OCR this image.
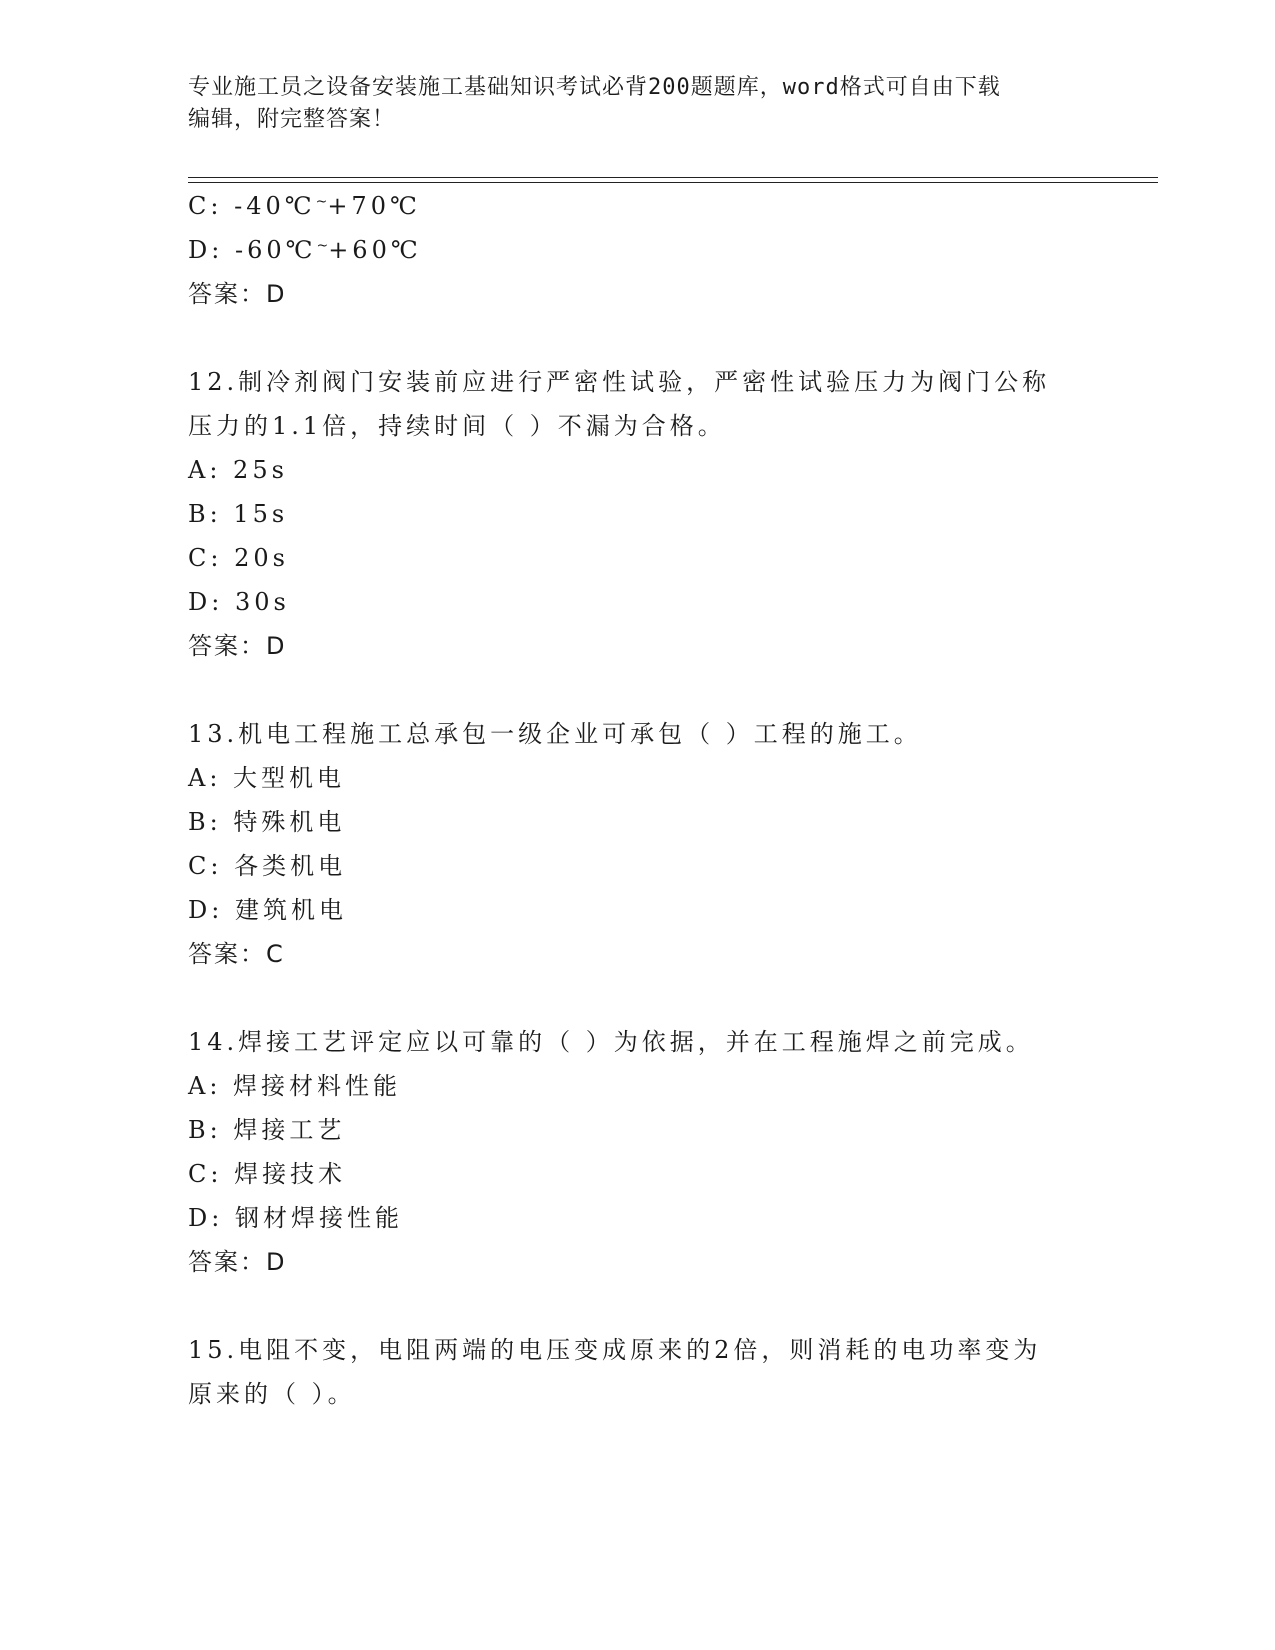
专业施工员之设备安装施工基础知识考试必背200题题库，word格式可自由下载
编辑，附完整答案！
C: -40℃~+70℃
D: -60℃~+60℃
答案：D
12.制冷剂阀门安装前应进行严密性试验，严密性试验压力为阀门公称
压力的1.1倍，持续时间（ ）不漏为合格。
A: 25s
B: 15s
C: 20s
D: 30s
答案：D
13.机电工程施工总承包一级企业可承包（ ）工程的施工。
A: 大型机电
B: 特殊机电
C: 各类机电
D: 建筑机电
答案：C
14.焊接工艺评定应以可靠的（ ）为依据，并在工程施焊之前完成。
A: 焊接材料性能
B: 焊接工艺
C: 焊接技术
D: 钢材焊接性能
答案：D
15.电阻不变，电阻两端的电压变成原来的2倍，则消耗的电功率变为
原来的（ ）。
